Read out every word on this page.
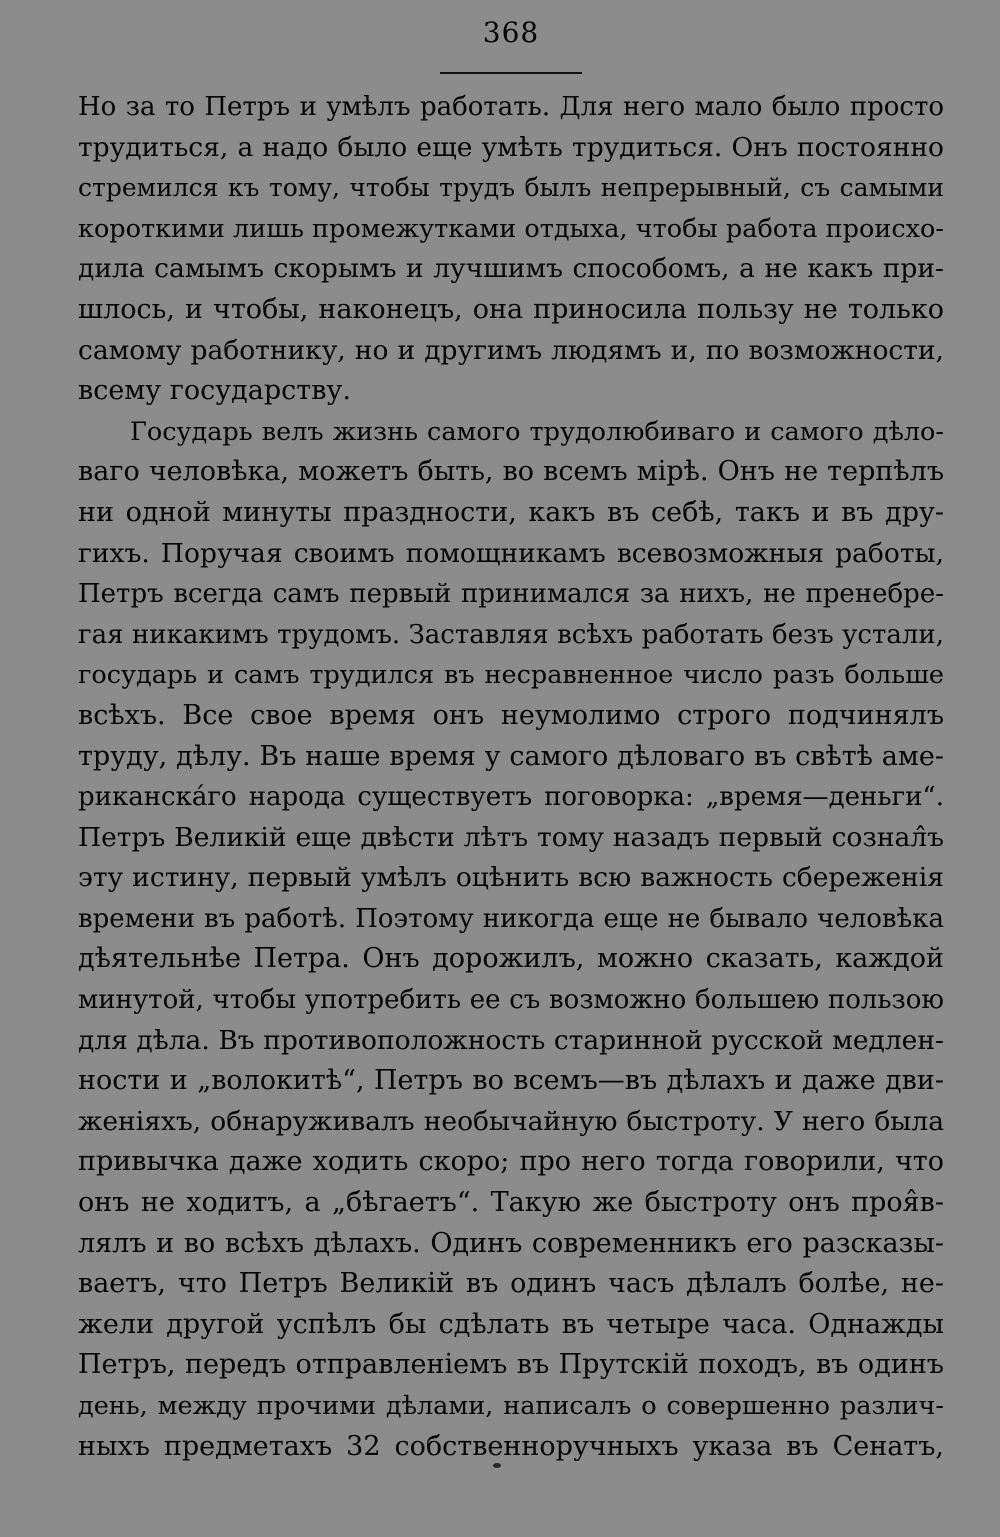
368
Но за то Петръ и умѣлъ работать. Для него мало было просто
трудиться, а надо было еще умѣть трудиться. Онъ постоянно
стремился къ тому, чтобы трудъ былъ непрерывный, съ самыми
короткими лишь промежутками отдыха, чтобы работа происхо-
дила самымъ скорымъ и лучшимъ способомъ, а не какъ при-
шлось, и чтобы, наконецъ, она приносила пользу не только
самому работнику, но и другимъ людямъ и, по возможности,
всему государству.
Государь велъ жизнь самого трудолюбиваго и самого дѣло-
ваго человѣка, можетъ быть, во всемъ мірѣ. Онъ не терпѣлъ
ни одной минуты праздности, какъ въ себѣ, такъ и въ дру-
гихъ. Поручая своимъ помощникамъ всевозможныя работы,
Петръ всегда самъ первый принимался за нихъ, не пренебре-
гая никакимъ трудомъ. Заставляя всѣхъ работать безъ устали,
государь и самъ трудился въ несравненное число разъ больше
всѣхъ. Все свое время онъ неумолимо строго подчинялъ
труду, дѣлу. Въ наше время у самого дѣловаго въ свѣтѣ аме-
риканскáго народа существуетъ поговорка: „время—деньги“.
Петръ Великій еще двѣсти лѣтъ тому назадъ первый сознал̂ъ
эту истину, первый умѣлъ оцѣнить всю важность сбереженія
времени въ работѣ. Поэтому никогда еще не бывало человѣка
дѣятельнѣе Петра. Онъ дорожилъ, можно сказать, каждой
минутой, чтобы употребить ее съ возможно большею пользою
для дѣла. Въ противоположность старинной русской медлен-
ности и „волокитѣ“, Петръ во всемъ—въ дѣлахъ и даже дви-
женіяхъ, обнаруживалъ необычайную быстроту. У него была
привычка даже ходить скоро; про него тогда говорили, что
онъ не ходитъ, а „бѣгаетъ“. Такую же быстроту онъ проя̂в-
лялъ и во всѣхъ дѣлахъ. Одинъ современникъ его разсказы-
ваетъ, что Петръ Великій въ одинъ часъ дѣлалъ болѣе, не-
жели другой успѣлъ бы сдѣлать въ четыре часа. Однажды
Петръ, передъ отправленіемъ въ Прутскій походъ, въ одинъ
день, между прочими дѣлами, написалъ о совершенно различ-
ныхъ предметахъ 32 собственноручныхъ указа въ Сенатъ,
